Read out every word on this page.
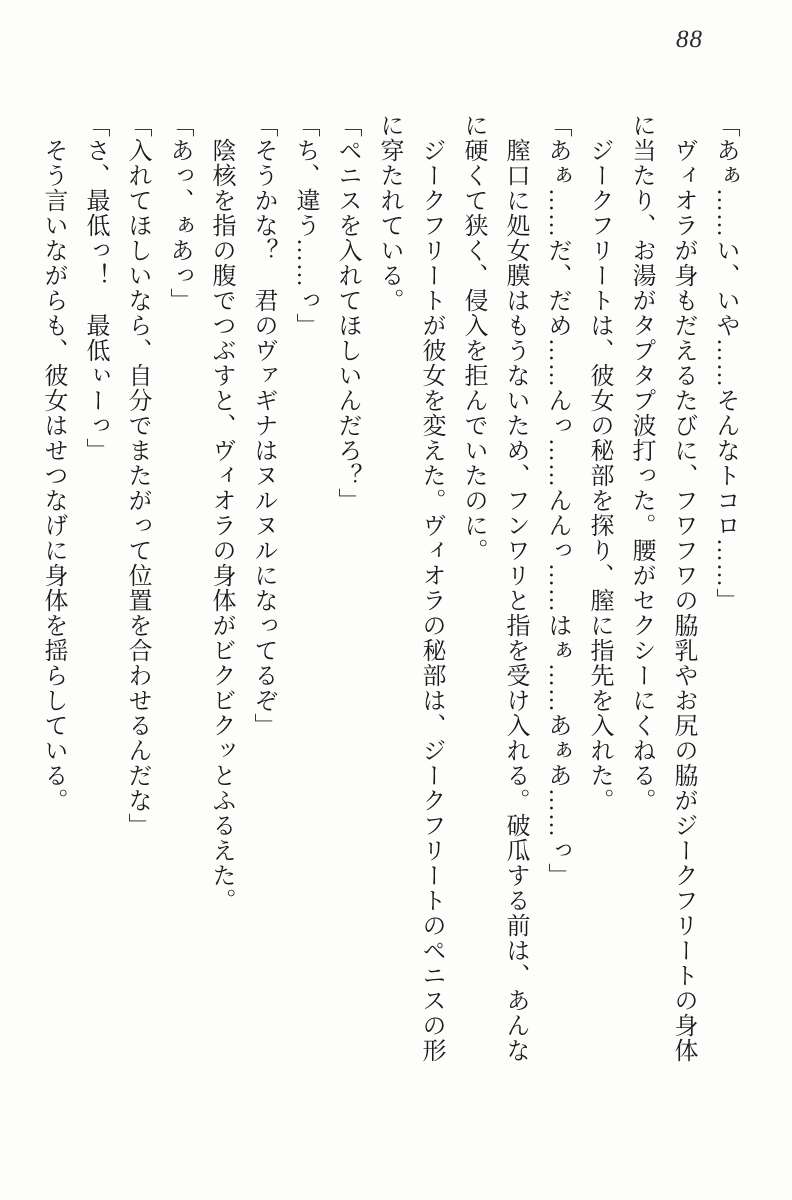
88
「あぁ……い、いや……そんなトコロ……」
ヴィオラが身もだえるたびに、フワフワの脇乳やお尻の脇がジークフリートの身体
に当たり、お湯がタプタプ波打った。腰がセクシーにくねる。
ジークフリートは、彼女の秘部を探り、膣に指先を入れた。
「あぁ……だ、だめ……んっ……んんっ……はぁ……あぁあ……っ」
膣口に処女膜はもうないため、フンワリと指を受け入れる。破瓜する前は、あんな
に硬くて狭く、侵入を拒んでいたのに。
ジークフリートが彼女を変えた。ヴィオラの秘部は、ジークフリートのペニスの形
に穿たれている。
「ペニスを入れてほしいんだろ？」
「ち、違う……っ」
「そうかな？　君のヴァギナはヌルヌルになってるぞ」
陰核を指の腹でつぶすと、ヴィオラの身体がビクビクッとふるえた。
「あっ、ぁあっ」
「入れてほしいなら、自分でまたがって位置を合わせるんだな」
「さ、最低っ！　最低ぃーっ」
そう言いながらも、彼女はせつなげに身体を揺らしている。
